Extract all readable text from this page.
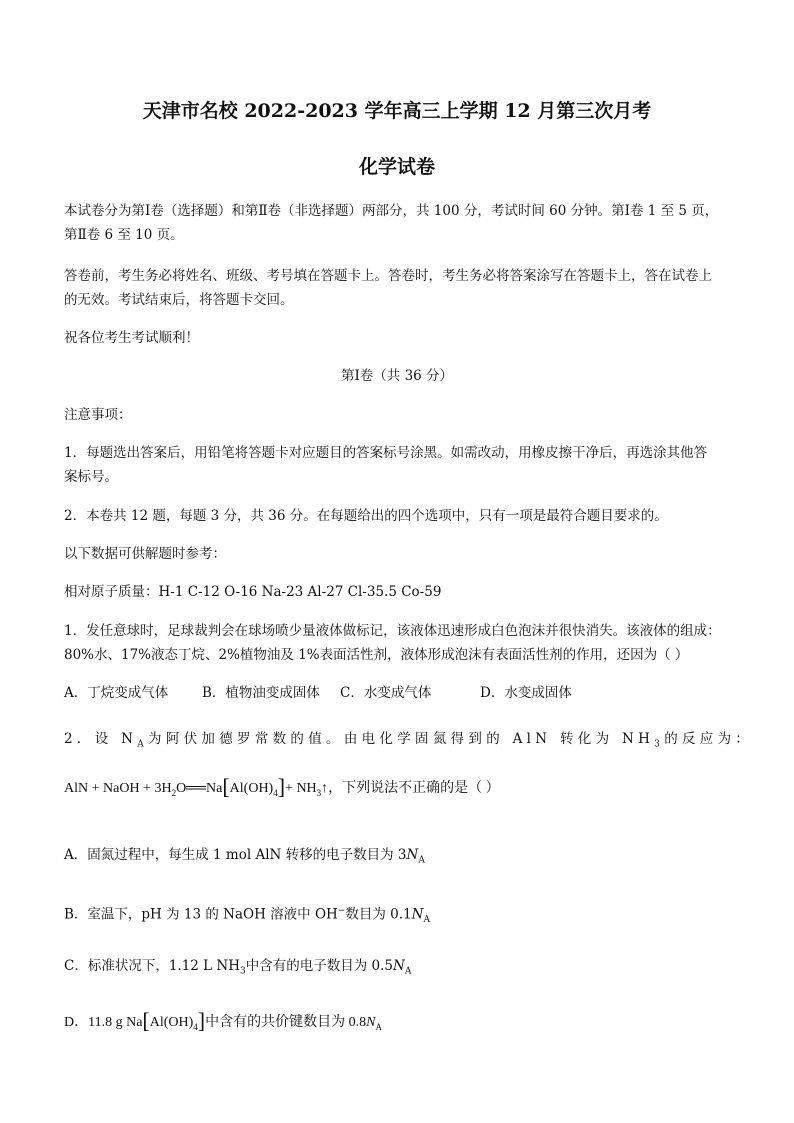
天津市名校 2022-2023 学年高三上学期 12 月第三次月考
化学试卷
本试卷分为第Ⅰ卷（选择题）和第Ⅱ卷（非选择题）两部分，共 100 分，考试时间 60 分钟。第Ⅰ卷 1 至 5 页，
第Ⅱ卷 6 至 10 页。
答卷前，考生务必将姓名、班级、考号填在答题卡上。答卷时，考生务必将答案涂写在答题卡上，答在试卷上
的无效。考试结束后，将答题卡交回。
祝各位考生考试顺利！
第Ⅰ卷（共 36 分）
注意事项：
1．每题选出答案后，用铅笔将答题卡对应题目的答案标号涂黑。如需改动，用橡皮擦干净后，再选涂其他答
案标号。
2．本卷共 12 题，每题 3 分，共 36 分。在每题给出的四个选项中，只有一项是最符合题目要求的。
以下数据可供解题时参考：
相对原子质量：H-1 C-12 O-16 Na-23 Al-27 Cl-35.5 Co-59
1．发任意球时，足球裁判会在球场喷少量液体做标记，该液体迅速形成白色泡沫并很快消失。该液体的组成：
80%水、17%液态丁烷、2%植物油及 1%表面活性剂，液体形成泡沫有表面活性剂的作用，还因为（ ）
A．丁烷变成气体	B．植物油变成固体 C．水变成气体	D．水变成固体
2．设 $N_A$为阿伏加德罗常数的值。由电化学固氮得到的 AlN 转化为 $NH_3$的反应为：
AlN + NaOH + $3H_2O══Na[Al(OH)_4]+$ $NH_3↑$，下列说法不正确的是（ ）
A．固氮过程中，每生成 1 mol AlN 转移的电子数目为 $3N_A$
B．室温下，pH 为 13 的 NaOH 溶液中 OH−数目为 $0.1N_A$
C．标准状况下，1.12 L $NH_3$中含有的电子数目为 $0.5N_A$
D．11.8 g $Na[Al(OH)_4]$中含有的共价键数目为 $0.8N_A$
